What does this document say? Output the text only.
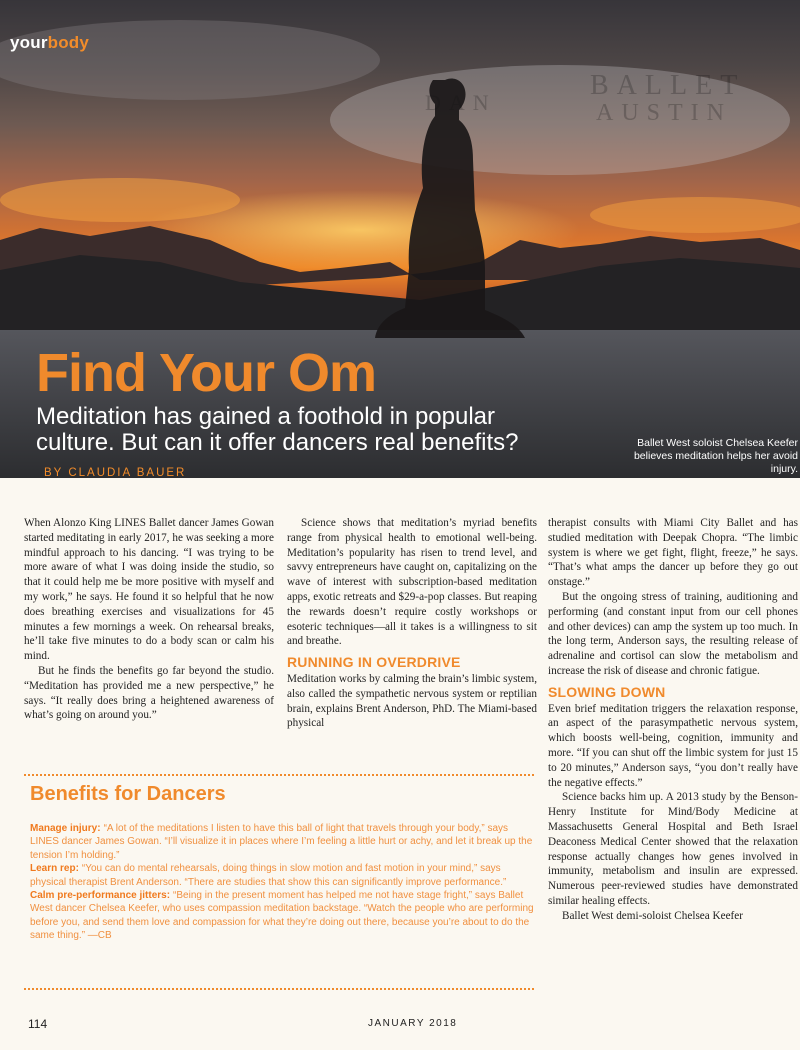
BALLET
AUSTIN
DAN
yourbody
Find Your Om
Meditation has gained a foothold in popular culture. But can it offer dancers real benefits? BY CLAUDIA BAUER
Ballet West soloist Chelsea Keefer believes meditation helps her avoid injury.

When Alonzo King LINES Ballet dancer James Gowan started meditating in early 2017, he was seeking a more mindful approach to his dancing. “I was trying to be more aware of what I was doing inside the studio, so that it could help me be more positive with myself and my work,” he says. He found it so helpful that he now does breathing exercises and visualizations for 45 minutes a few mornings a week. On rehearsal breaks, he’ll take five minutes to do a body scan or calm his mind.

But he finds the benefits go far beyond the studio. “Meditation has provided me a new perspective,” he says. “It really does bring a heightened awareness of what’s going on around you.”

Science shows that meditation’s myriad benefits range from physical health to emotional well-being. Meditation’s popularity has risen to trend level, and savvy entrepreneurs have caught on, capitalizing on the wave of interest with subscription-based meditation apps, exotic retreats and $29-a-pop classes. But reaping the rewards doesn’t require costly workshops or esoteric techniques—all it takes is a willingness to sit and breathe.

RUNNING IN OVERDRIVE

Meditation works by calming the brain’s limbic system, also called the sympathetic nervous system or reptilian brain, explains Brent Anderson, PhD. The Miami-based physical

therapist consults with Miami City Ballet and has studied meditation with Deepak Chopra. “The limbic system is where we get fight, flight, freeze,” he says. “That’s what amps the dancer up before they go out onstage.”

But the ongoing stress of training, auditioning and performing (and constant input from our cell phones and other devices) can amp the system up too much. In the long term, Anderson says, the resulting release of adrenaline and cortisol can slow the metabolism and increase the risk of disease and chronic fatigue.

SLOWING DOWN

Even brief meditation triggers the relaxation response, an aspect of the parasympathetic nervous system, which boosts well-being, cognition, immunity and more. “If you can shut off the limbic system for just 15 to 20 minutes,” Anderson says, “you don’t really have the negative effects.”

Science backs him up. A 2013 study by the Benson-Henry Institute for Mind/Body Medicine at Massachusetts General Hospital and Beth Israel Deaconess Medical Center showed that the relaxation response actually changes how genes involved in immunity, metabolism and insulin are expressed. Numerous peer-reviewed studies have demonstrated similar healing effects.

Ballet West demi-soloist Chelsea Keefer

Benefits for Dancers

Manage injury: “A lot of the meditations I listen to have this ball of light that travels through your body,” says LINES dancer James Gowan. “I’ll visualize it in places where I’m feeling a little hurt or achy, and let it break up the tension I’m holding.”

Learn rep: “You can do mental rehearsals, doing things in slow motion and fast motion in your mind,” says physical therapist Brent Anderson. “There are studies that show this can significantly improve performance.”

Calm pre-performance jitters: “Being in the present moment has helped me not have stage fright,” says Ballet West dancer Chelsea Keefer, who uses compassion meditation backstage. “Watch the people who are performing before you, and send them love and compassion for what they’re doing out there, because you’re about to do the same thing.” —CB

114	JANUARY 2018
